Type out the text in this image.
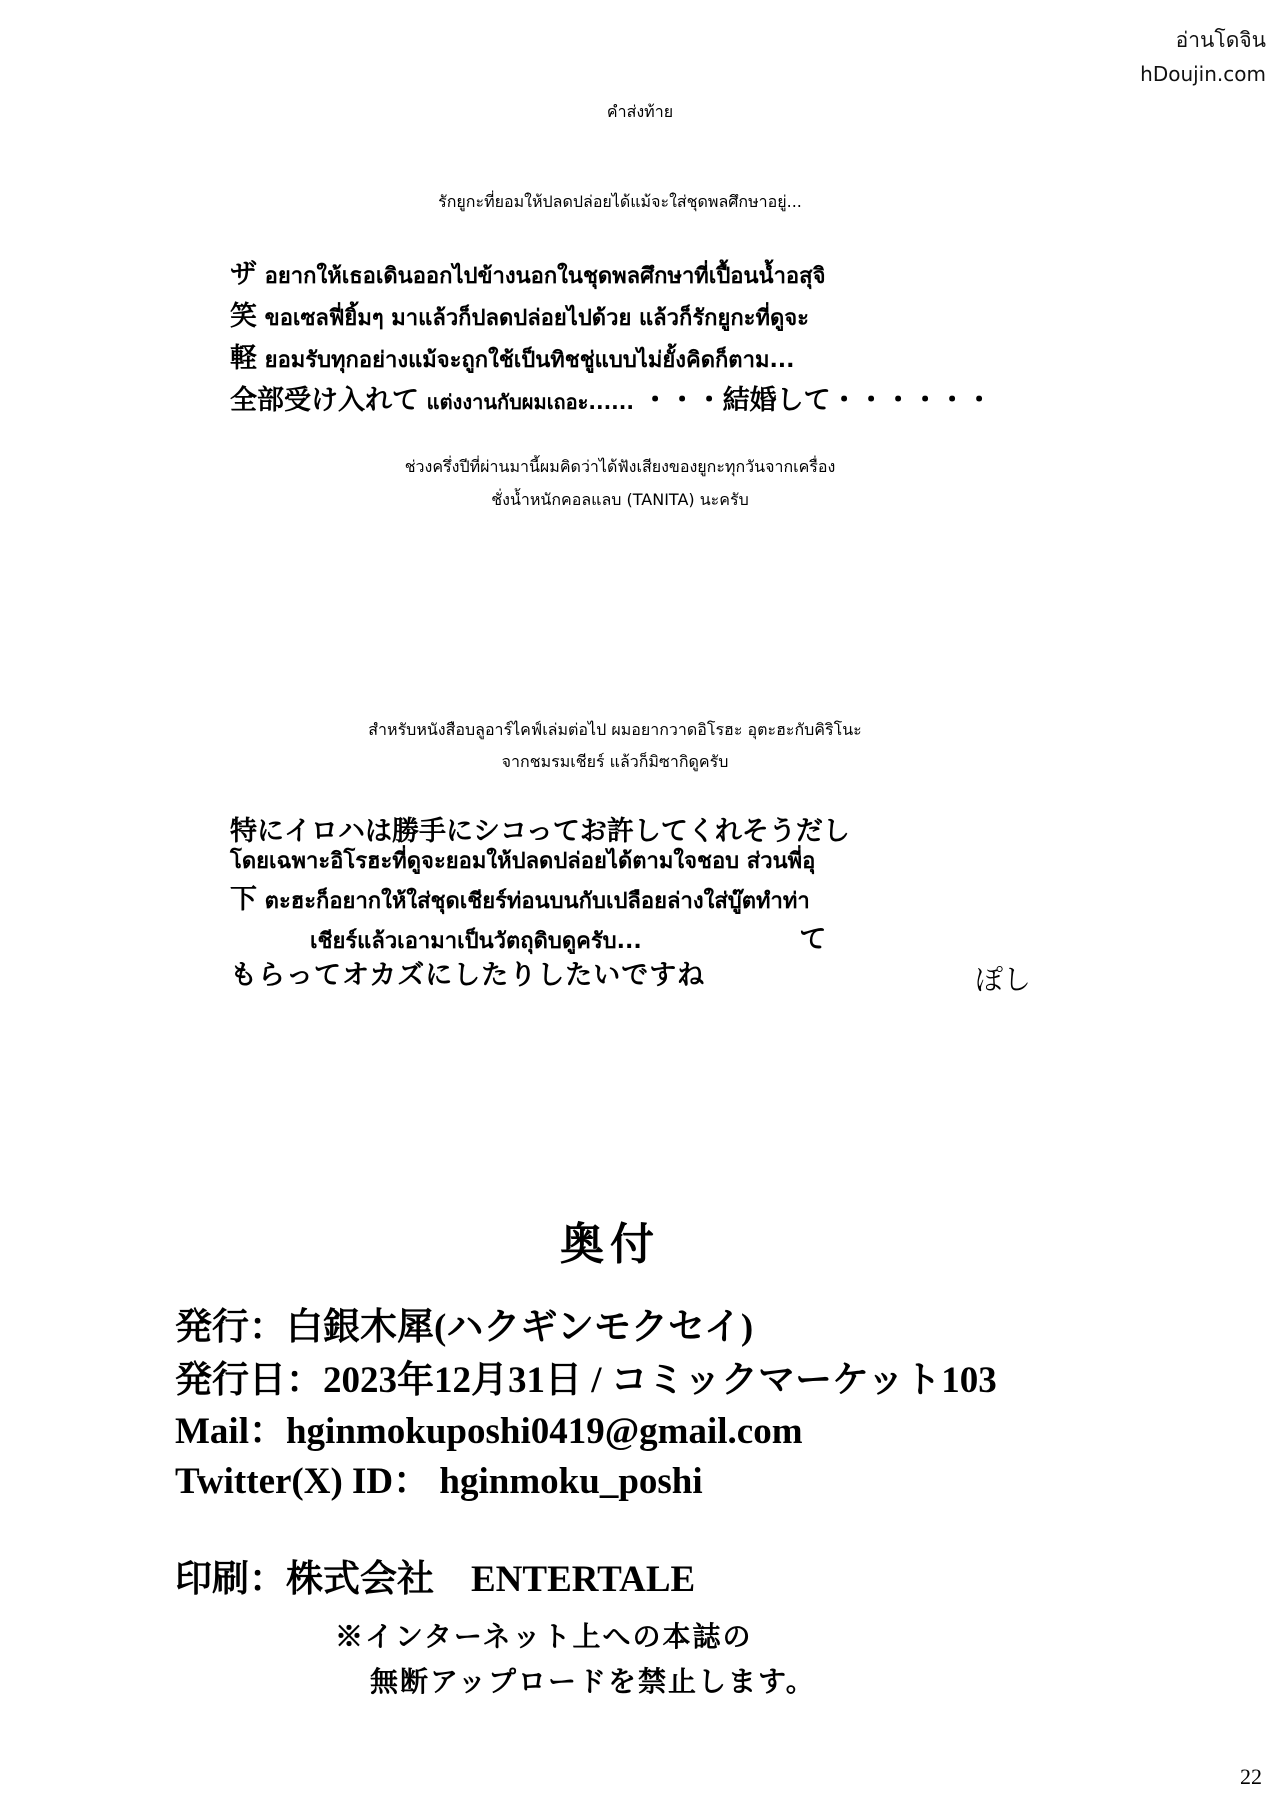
อ่านโดจิน
hDoujin.com
คำส่งท้าย
รักยูกะที่ยอมให้ปลดปล่อยได้แม้จะใส่ชุดพลศึกษาอยู่...
ザ อยากให้เธอเดินออกไปข้างนอกในชุดพลศึกษาที่เปื้อนน้ำอสุจิ
笑 ขอเซลฟี่ยิ้มๆ มาแล้วก็ปลดปล่อยไปด้วย แล้วก็รักยูกะที่ดูจะ
軽 ยอมรับทุกอย่างแม้จะถูกใช้เป็นทิชชู่แบบไม่ยั้งคิดก็ตาม...
全部受け入れて แต่งงานกับผมเถอะ...... ・・・結婚して・・・・・・
ช่วงครึ่งปีที่ผ่านมานี้ผมคิดว่าได้ฟังเสียงของยูกะทุกวันจากเครื่อง
ชั่งน้ำหนักคอลแลบ (TANITA) นะครับ
สำหรับหนังสือบลูอาร์ไคฟ์เล่มต่อไป ผมอยากวาดอิโรฮะ อุตะฮะกับคิริโนะ
จากชมรมเชียร์ แล้วก็มิซากิดูครับ
特にイロハは勝手にシコってお許してくれそうだし
โดยเฉพาะอิโรฮะที่ดูจะยอมให้ปลดปล่อยได้ตามใจชอบ ส่วนพี่อุ
下 ตะฮะก็อยากให้ใส่ชุดเชียร์ท่อนบนกับเปลือยล่างใส่บู๊ตทำท่า
เชียร์แล้วเอามาเป็นวัตถุดิบดูครับ...	て
もらってオカズにしたりしたいですね	ぽし
奥付
発行：白銀木犀(ハクギンモクセイ)
発行日：2023年12月31日 / コミックマーケット103
Mail：hginmokuposhi0419@gmail.com
Twitter(X) ID： hginmoku_poshi
印刷：株式会社　ENTERTALE
※インターネット上への本誌の
無断アップロードを禁止します。
22
